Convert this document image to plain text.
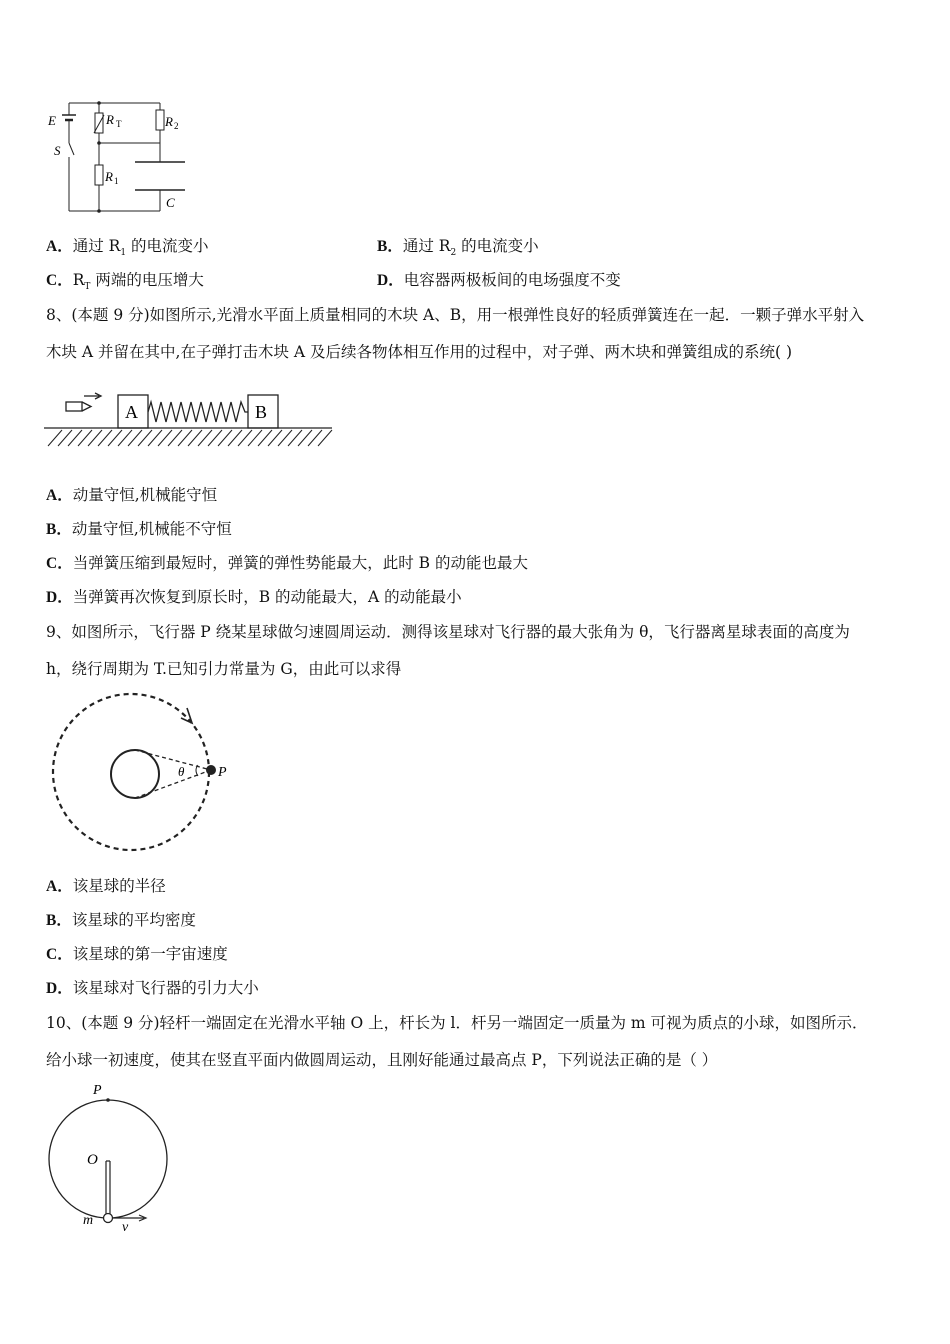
E
S
R T	R 2
R 1
C
A．通过 $R_1$ 的电流变小	B．通过 $R_2$ 的电流变小
C．$R_T$ 两端的电压增大	D．电容器两极板间的电场强度不变
8、(本题 9 分)如图所示,光滑水平面上质量相同的木块 A、B，用一根弹性良好的轻质弹簧连在一起．一颗子弹水平射入
木块 A 并留在其中,在子弹打击木块 A 及后续各物体相互作用的过程中，对子弹、两木块和弹簧组成的系统( )
A	B
A．动量守恒,机械能守恒
B．动量守恒,机械能不守恒
C．当弹簧压缩到最短时，弹簧的弹性势能最大，此时 B 的动能也最大
D．当弹簧再次恢复到原长时，B 的动能最大，A 的动能最小
9、如图所示，飞行器 P 绕某星球做匀速圆周运动．测得该星球对飞行器的最大张角为 θ，飞行器离星球表面的高度为
h，绕行周期为 T.已知引力常量为 G，由此可以求得
θ P
A．该星球的半径
B．该星球的平均密度
C．该星球的第一宇宙速度
D．该星球对飞行器的引力大小
10、(本题 9 分)轻杆一端固定在光滑水平轴 O 上，杆长为 l．杆另一端固定一质量为 m 可视为质点的小球，如图所示．
给小球一初速度，使其在竖直平面内做圆周运动，且刚好能通过最高点 P，下列说法正确的是（ ）
P
O
m v
